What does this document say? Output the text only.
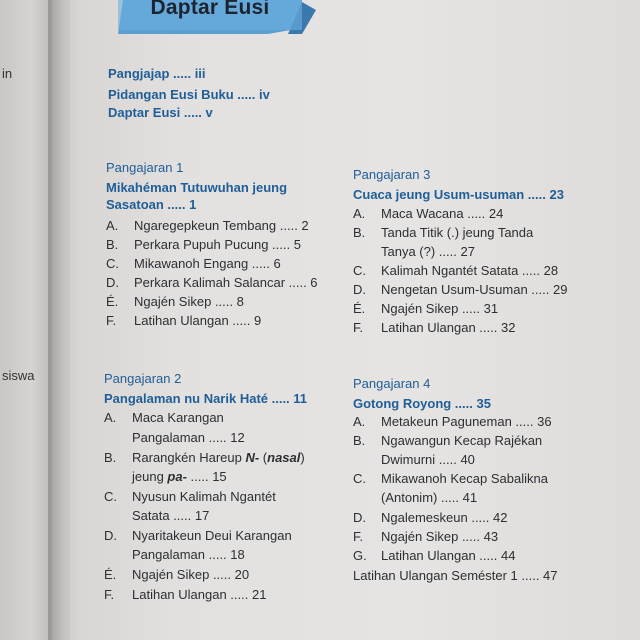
in
siswa
Daptar Eusi
Pangjajap ..... iii
Pidangan Eusi Buku ..... iv
Daptar Eusi ..... v
Pangajaran 1
Mikahéman Tutuwuhan jeung
Sasatoan ..... 1
A. Ngaregepkeun Tembang ..... 2
B. Perkara Pupuh Pucung ..... 5
C. Mikawanoh Engang ..... 6
D. Perkara Kalimah Salancar ..... 6
É. Ngajén Sikep ..... 8
F. Latihan Ulangan ..... 9
Pangajaran 3
Cuaca jeung Usum-usuman ..... 23
A. Maca Wacana ..... 24
B. Tanda Titik (.) jeung Tanda
Tanya (?) ..... 27
C. Kalimah Ngantét Satata ..... 28
D. Nengetan Usum-Usuman ..... 29
É. Ngajén Sikep ..... 31
F. Latihan Ulangan ..... 32
Pangajaran 2
Pangalaman nu Narik Haté ..... 11
A. Maca Karangan
Pangalaman ..... 12
B. Rarangkén Hareup N- (nasal)
jeung pa- ..... 15
C. Nyusun Kalimah Ngantét
Satata ..... 17
D. Nyaritakeun Deui Karangan
Pangalaman ..... 18
É. Ngajén Sikep ..... 20
F. Latihan Ulangan ..... 21
Pangajaran 4
Gotong Royong ..... 35
A. Metakeun Paguneman ..... 36
B. Ngawangun Kecap Rajékan
Dwimurni ..... 40
C. Mikawanoh Kecap Sabalikna
(Antonim) ..... 41
D. Ngalemeskeun ..... 42
F. Ngajén Sikep ..... 43
G. Latihan Ulangan ..... 44
Latihan Ulangan Seméster 1 ..... 47
